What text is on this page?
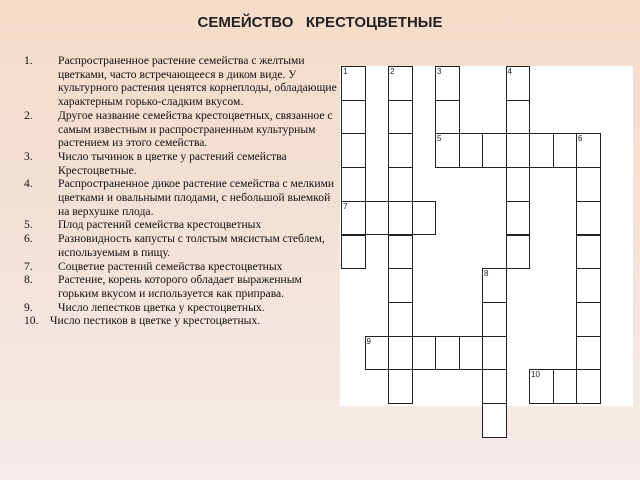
СЕМЕЙСТВО   КРЕСТОЦВЕТНЫЕ
1.	Распространенное растение семейства с желтыми цветками, часто встречающееся в диком виде. У культурного растения ценятся корнеплоды, обладающие характерным горько-сладким вкусом.
2.	Другое название семейства крестоцветных, связанное с самым известным и распространенным культурным растением из этого семейства.
3.	Число тычинок в цветке у растений семейства Крестоцветные.
4.	Распространенное дикое растение семейства с мелкими цветками и овальными плодами, с небольшой выемкой на верхушке плода.
5.	Плод растений семейства крестоцветных
6.	Разновидность капусты с толстым мясистым стеблем, используемым в пищу.
7.	Соцветие растений семейства крестоцветных
8.	Растение, корень которого обладает выраженным горьким вкусом и используется как приправа.
9.	Число лепестков цветка у крестоцветных.
10. Число пестиков в цветке у крестоцветных.
1
7
2	3
5
4
6
8
9
10
